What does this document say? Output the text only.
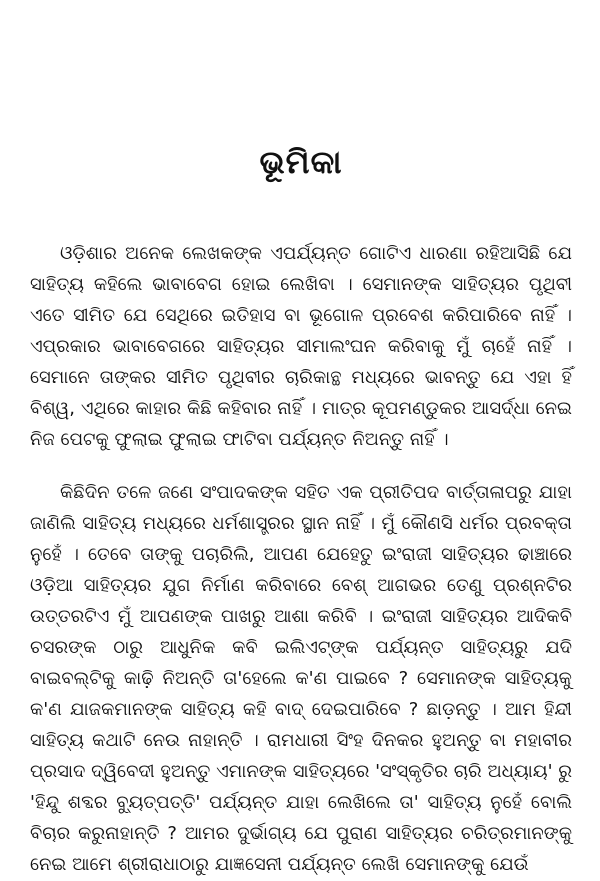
ଭୂମିକା

ଓଡ଼ିଶାର ଅନେକ ଲେଖକଙ୍କ ଏପର୍ଯ୍ୟନ୍ତ ଗୋଟିଏ ଧାରଣା ରହିଆସିଛି ଯେ ସାହିତ୍ୟ କହିଲେ ଭାବାବେଗ ହୋଇ ଲେଖିବା । ସେମାନଙ୍କ ସାହିତ୍ୟର ପୃଥିବୀ ଏତେ ସୀମିତ ଯେ ସେଥିରେ ଇତିହାସ ବା ଭୂଗୋଳ ପ୍ରବେଶ କରିପାରିବେ ନାହିଁ । ଏପ୍ରକାର ଭାବାବେଗରେ ସାହିତ୍ୟର ସୀମାଲଂଘନ କରିବାକୁ ମୁଁ ଚାହେଁ ନାହିଁ । ସେମାନେ ତାଙ୍କର ସୀମିତ ପୃଥିବୀର ଚାରିକାନ୍ଥ ମଧ୍ୟରେ ଭାବନ୍ତୁ ଯେ ଏହା ହିଁ ବିଶ୍ୱ, ଏଥିରେ କାହାର କିଛି କହିବାର ନାହିଁ । ମାତ୍ର କୂପମଣ୍ଡୁକର ଆସର୍ଦ୍ଧା ନେଇ ନିଜ ପେଟକୁ ଫୁଲାଇ ଫୁଲାଇ ଫାଟିବା ପର୍ଯ୍ୟନ୍ତ ନିଅନ୍ତୁ ନାହିଁ ।

କିଛିଦିନ ତଳେ ଜଣେ ସଂପାଦକଙ୍କ ସହିତ ଏକ ପ୍ରୀତିପଦ ବାର୍ତ୍ତାଳାପରୁ ଯାହା ଜାଣିଲି ସାହିତ୍ୟ ମଧ୍ୟରେ ଧର୍ମଶାସ୍ତ୍ରର ସ୍ଥାନ ନାହିଁ । ମୁଁ କୌଣସି ଧର୍ମର ପ୍ରବକ୍ତା ନୁହେଁ । ତେବେ ତାଙ୍କୁ ପଚାରିଲି, ଆପଣ ଯେହେତୁ ଇଂରାଜୀ ସାହିତ୍ୟର ଢାଞ୍ଚାରେ ଓଡ଼ିଆ ସାହିତ୍ୟର ଯୁଗ ନିର୍ମାଣ କରିବାରେ ବେଶ୍ ଆଗଭର ତେଣୁ ପ୍ରଶ୍ନଟିର ଉତ୍ତରଟିଏ ମୁଁ ଆପଣଙ୍କ ପାଖରୁ ଆଶା କରିବି । ଇଂରାଜୀ ସାହିତ୍ୟର ଆଦିକବି ଚସରଙ୍କ ଠାରୁ ଆଧୁନିକ କବି ଇଲିଏଟ୍‌ଙ୍କ ପର୍ଯ୍ୟନ୍ତ ସାହିତ୍ୟରୁ ଯଦି ବାଇବଲ୍‌ଟିକୁ କାଢ଼ି ନିଅନ୍ତି ତା'ହେଲେ କ'ଣ ପାଇବେ ? ସେମାନଙ୍କ ସାହିତ୍ୟକୁ କ'ଣ ଯାଜକମାନଙ୍କ ସାହିତ୍ୟ କହି ବାଦ୍ ଦେଇପାରିବେ ? ଛାଡ଼ନ୍ତୁ । ଆମ ହିନ୍ଦୀ ସାହିତ୍ୟ କଥାଟି ନେଉ ନାହାନ୍ତି । ରାମଧାରୀ ସିଂହ ଦିନକର ହୁଅନ୍ତୁ ବା ମହାବୀର ପ୍ରସାଦ ଦ୍ୱିବେଦୀ ହୁଅନ୍ତୁ ଏମାନଙ୍କ ସାହିତ୍ୟରେ 'ସଂସ୍କୃତିର ଚାରି ଅଧ୍ୟାୟ' ରୁ 'ହିନ୍ଦୁ ଶବ୍ଦର ବ୍ୟୁତ୍ପତ୍ତି' ପର୍ଯ୍ୟନ୍ତ ଯାହା ଲେଖିଲେ ତା' ସାହିତ୍ୟ ନୁହେଁ ବୋଲି ବିଚାର କରୁନାହାନ୍ତି ? ଆମର ଦୁର୍ଭାଗ୍ୟ ଯେ ପୁରାଣ ସାହିତ୍ୟର ଚରିତ୍ରମାନଙ୍କୁ ନେଇ ଆମେ ଶ୍ରୀରାଧାଠାରୁ ଯାଜ୍ଞସେନୀ ପର୍ଯ୍ୟନ୍ତ ଲେଖି ସେମାନଙ୍କୁ ଯେଉଁ
